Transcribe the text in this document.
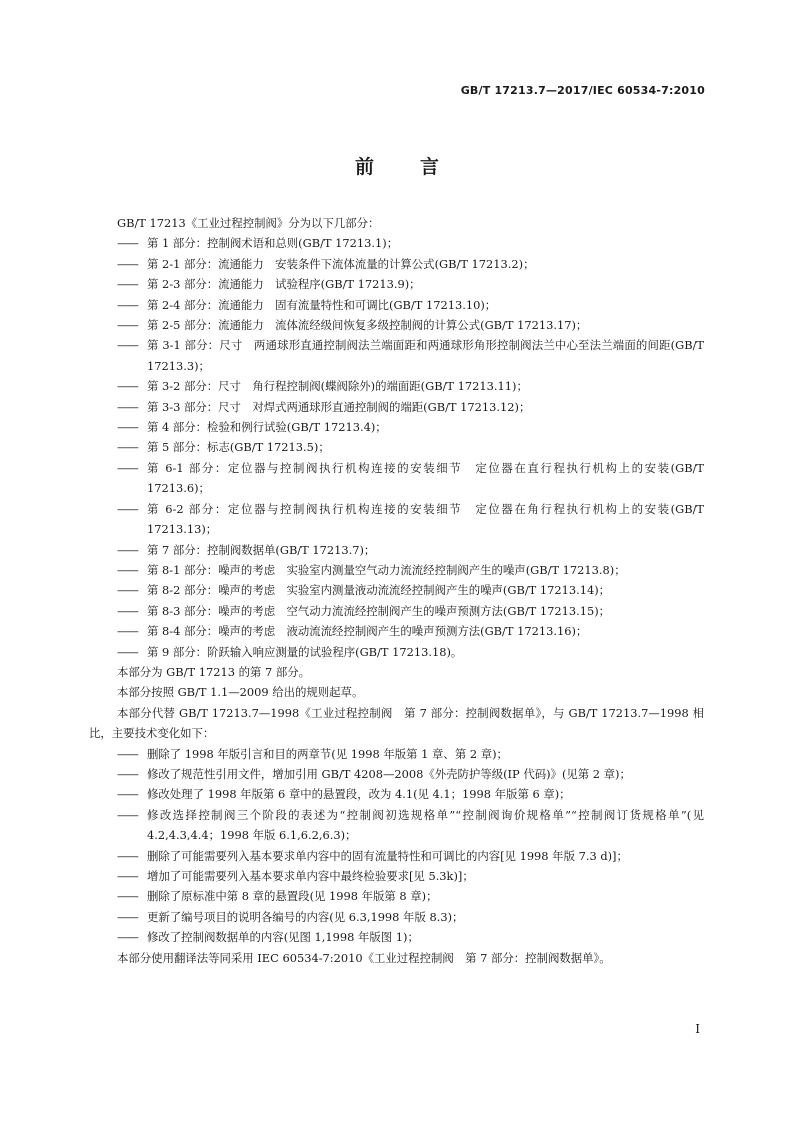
GB/T 17213.7—2017/IEC 60534-7:2010
前言

GB/T 17213《工业过程控制阀》分为以下几部分：

—— 第 1 部分：控制阀术语和总则(GB/T 17213.1)；
—— 第 2-1 部分：流通能力　安装条件下流体流量的计算公式(GB/T 17213.2)；
—— 第 2-3 部分：流通能力　试验程序(GB/T 17213.9)；
—— 第 2-4 部分：流通能力　固有流量特性和可调比(GB/T 17213.10)；
—— 第 2-5 部分：流通能力　流体流经级间恢复多级控制阀的计算公式(GB/T 17213.17)；
—— 第 3-1 部分：尺寸　两通球形直通控制阀法兰端面距和两通球形角形控制阀法兰中心至法兰端面的间距(GB/T 17213.3)；
—— 第 3-2 部分：尺寸　角行程控制阀(蝶阀除外)的端面距(GB/T 17213.11)；
—— 第 3-3 部分：尺寸　对焊式两通球形直通控制阀的端距(GB/T 17213.12)；
—— 第 4 部分：检验和例行试验(GB/T 17213.4)；
—— 第 5 部分：标志(GB/T 17213.5)；
—— 第 6-1 部分：定位器与控制阀执行机构连接的安装细节　定位器在直行程执行机构上的安装(GB/T 17213.6)；
—— 第 6-2 部分：定位器与控制阀执行机构连接的安装细节　定位器在角行程执行机构上的安装(GB/T 17213.13)；
—— 第 7 部分：控制阀数据单(GB/T 17213.7)；
—— 第 8-1 部分：噪声的考虑　实验室内测量空气动力流流经控制阀产生的噪声(GB/T 17213.8)；
—— 第 8-2 部分：噪声的考虑　实验室内测量液动流流经控制阀产生的噪声(GB/T 17213.14)；
—— 第 8-3 部分：噪声的考虑　空气动力流流经控制阀产生的噪声预测方法(GB/T 17213.15)；
—— 第 8-4 部分：噪声的考虑　液动流流经控制阀产生的噪声预测方法(GB/T 17213.16)；
—— 第 9 部分：阶跃输入响应测量的试验程序(GB/T 17213.18)。

本部分为 GB/T 17213 的第 7 部分。

本部分按照 GB/T 1.1—2009 给出的规则起草。

本部分代替 GB/T 17213.7—1998《工业过程控制阀　第 7 部分：控制阀数据单》，与 GB/T 17213.7—1998 相比，主要技术变化如下：

—— 删除了 1998 年版引言和目的两章节(见 1998 年版第 1 章、第 2 章)；
—— 修改了规范性引用文件，增加引用 GB/T 4208—2008《外壳防护等级(IP 代码)》(见第 2 章)；
—— 修改处理了 1998 年版第 6 章中的悬置段，改为 4.1(见 4.1；1998 年版第 6 章)；
—— 修改选择控制阀三个阶段的表述为“控制阀初选规格单”“控制阀询价规格单”“控制阀订货规格单”(见 4.2,4.3,4.4；1998 年版 6.1,6.2,6.3)；
—— 删除了可能需要列入基本要求单内容中的固有流量特性和可调比的内容[见 1998 年版 7.3 d)]；
—— 增加了可能需要列入基本要求单内容中最终检验要求[见 5.3k)]；
—— 删除了原标准中第 8 章的悬置段(见 1998 年版第 8 章)；
—— 更新了编号项目的说明各编号的内容(见 6.3,1998 年版 8.3)；
—— 修改了控制阀数据单的内容(见图 1,1998 年版图 1)；

本部分使用翻译法等同采用 IEC 60534-7:2010《工业过程控制阀　第 7 部分：控制阀数据单》。

I
